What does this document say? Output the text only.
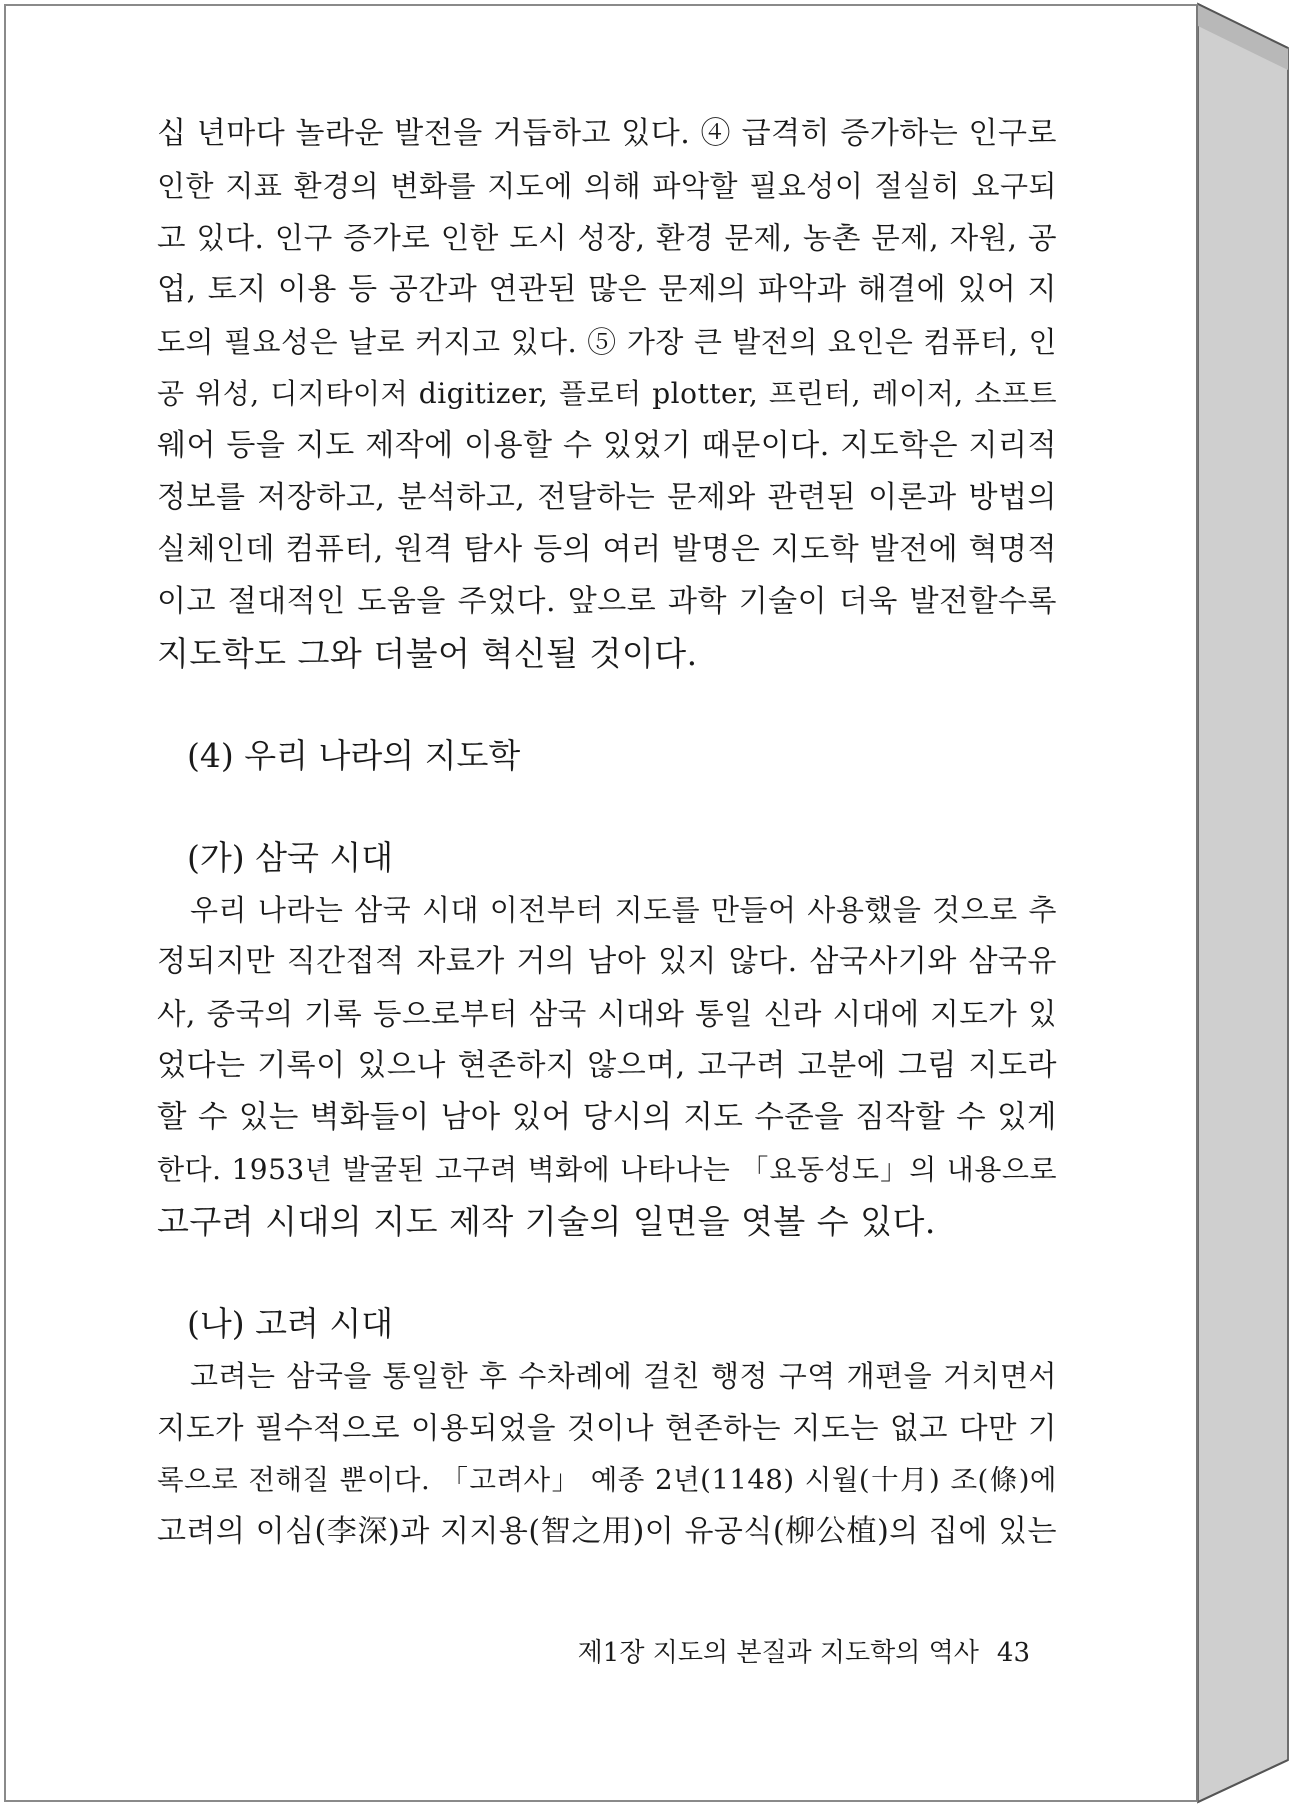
십 년마다 놀라운 발전을 거듭하고 있다. ④ 급격히 증가하는 인구로
인한 지표 환경의 변화를 지도에 의해 파악할 필요성이 절실히 요구되
고 있다. 인구 증가로 인한 도시 성장, 환경 문제, 농촌 문제, 자원, 공
업, 토지 이용 등 공간과 연관된 많은 문제의 파악과 해결에 있어 지
도의 필요성은 날로 커지고 있다. ⑤ 가장 큰 발전의 요인은 컴퓨터, 인
공 위성, 디지타이저 digitizer, 플로터 plotter, 프린터, 레이저, 소프트
웨어 등을 지도 제작에 이용할 수 있었기 때문이다. 지도학은 지리적
정보를 저장하고, 분석하고, 전달하는 문제와 관련된 이론과 방법의
실체인데 컴퓨터, 원격 탐사 등의 여러 발명은 지도학 발전에 혁명적
이고 절대적인 도움을 주었다. 앞으로 과학 기술이 더욱 발전할수록
지도학도 그와 더불어 혁신될 것이다.
(4) 우리 나라의 지도학
(가) 삼국 시대
우리 나라는 삼국 시대 이전부터 지도를 만들어 사용했을 것으로 추
정되지만 직간접적 자료가 거의 남아 있지 않다. 삼국사기와 삼국유
사, 중국의 기록 등으로부터 삼국 시대와 통일 신라 시대에 지도가 있
었다는 기록이 있으나 현존하지 않으며, 고구려 고분에 그림 지도라
할 수 있는 벽화들이 남아 있어 당시의 지도 수준을 짐작할 수 있게
한다. 1953년 발굴된 고구려 벽화에 나타나는 「요동성도」의 내용으로
고구려 시대의 지도 제작 기술의 일면을 엿볼 수 있다.
(나) 고려 시대
고려는 삼국을 통일한 후 수차례에 걸친 행정 구역 개편을 거치면서
지도가 필수적으로 이용되었을 것이나 현존하는 지도는 없고 다만 기
록으로 전해질 뿐이다. 「고려사」 예종 2년(1148) 시월(十月) 조(條)에
고려의 이심(李深)과 지지용(智之用)이 유공식(柳公植)의 집에 있는
제1장 지도의 본질과 지도학의 역사 43
